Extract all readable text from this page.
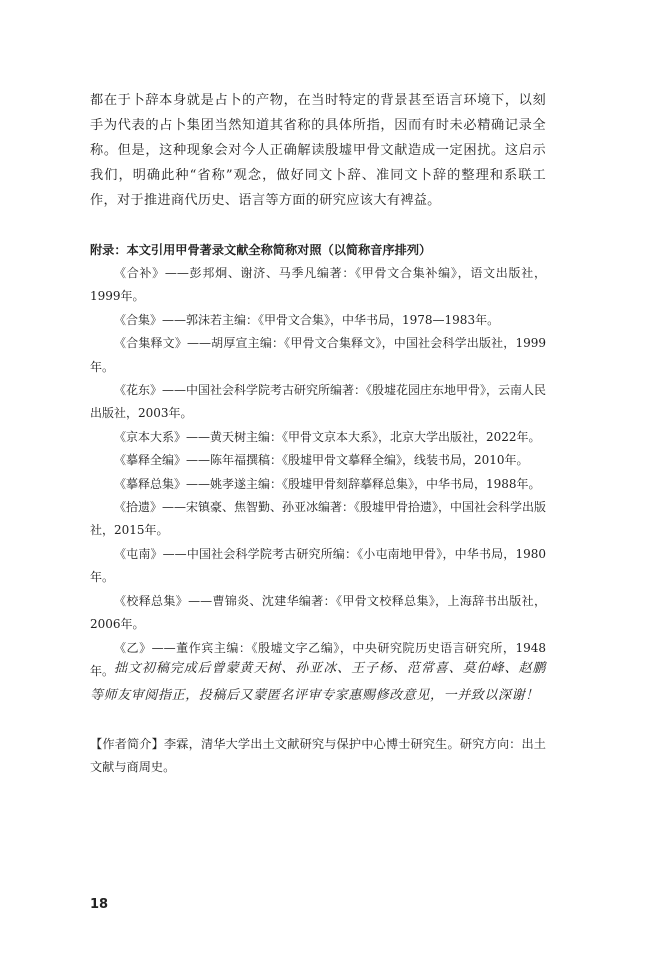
都在于卜辞本身就是占卜的产物，在当时特定的背景甚至语言环境下，以刻手为代表的占卜集团当然知道其省称的具体所指，因而有时未必精确记录全称。但是，这种现象会对今人正确解读殷墟甲骨文献造成一定困扰。这启示我们，明确此种“省称”观念，做好同文卜辞、准同文卜辞的整理和系联工作，对于推进商代历史、语言等方面的研究应该大有裨益。

附录：本文引用甲骨著录文献全称简称对照（以简称音序排列）

《合补》——彭邦炯、谢济、马季凡编著：《甲骨文合集补编》，语文出版社，1999年。

《合集》——郭沫若主编：《甲骨文合集》，中华书局，1978—1983年。

《合集释文》——胡厚宣主编：《甲骨文合集释文》，中国社会科学出版社，1999年。

《花东》——中国社会科学院考古研究所编著：《殷墟花园庄东地甲骨》，云南人民出版社，2003年。

《京本大系》——黄天树主编：《甲骨文京本大系》，北京大学出版社，2022年。

《摹释全编》——陈年福撰稿：《殷墟甲骨文摹释全编》，线装书局，2010年。

《摹释总集》——姚孝遂主编：《殷墟甲骨刻辞摹释总集》，中华书局，1988年。

《拾遗》——宋镇豪、焦智勤、孙亚冰编著：《殷墟甲骨拾遗》，中国社会科学出版社，2015年。

《屯南》——中国社会科学院考古研究所编：《小屯南地甲骨》，中华书局，1980年。

《校释总集》——曹锦炎、沈建华编著：《甲骨文校释总集》，上海辞书出版社，2006年。

《乙》——董作宾主编：《殷墟文字乙编》，中央研究院历史语言研究所，1948年。 拙文初稿完成后曾蒙黄天树、孙亚冰、王子杨、范常喜、莫伯峰、赵鹏等师友审阅指正，投稿后又蒙匿名评审专家惠赐修改意见，一并致以深谢！

【作者简介】李霖，清华大学出土文献研究与保护中心博士研究生。研究方向：出土文献与商周史。

18
